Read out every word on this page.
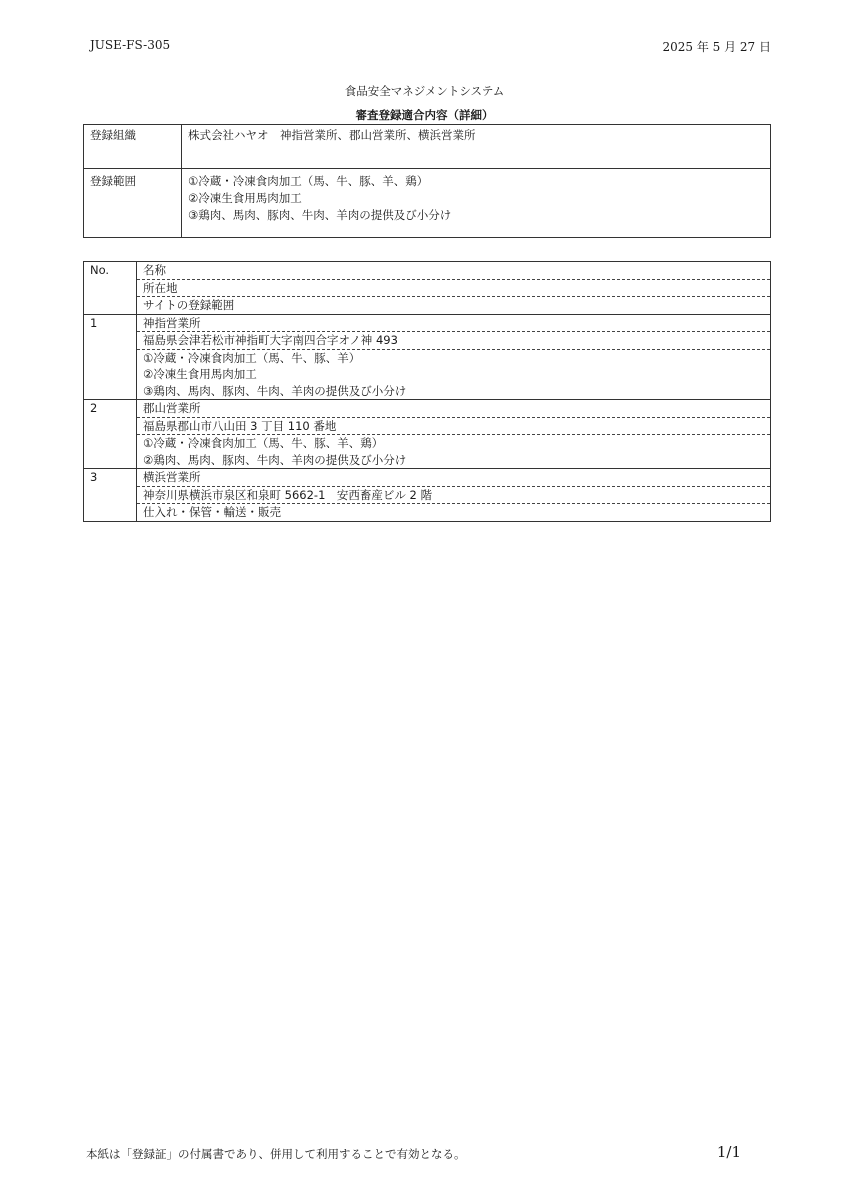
JUSE-FS-305	2025 年 5 月 27 日
食品安全マネジメントシステム
審査登録適合内容（詳細）
登録組織	株式会社ハヤオ　神指営業所、郡山営業所、横浜営業所
登録範囲	①冷蔵・冷凍食肉加工（馬、牛、豚、羊、鶏）
②冷凍生食用馬肉加工
③鶏肉、馬肉、豚肉、牛肉、羊肉の提供及び小分け
No.	名称
	所在地
	サイトの登録範囲
1	神指営業所
	福島県会津若松市神指町大字南四合字オノ神 493
	①冷蔵・冷凍食肉加工（馬、牛、豚、羊）
	②冷凍生食用馬肉加工
	③鶏肉、馬肉、豚肉、牛肉、羊肉の提供及び小分け
2	郡山営業所
	福島県郡山市八山田 3 丁目 110 番地
	①冷蔵・冷凍食肉加工（馬、牛、豚、羊、鶏）
	②鶏肉、馬肉、豚肉、牛肉、羊肉の提供及び小分け
3	横浜営業所
	神奈川県横浜市泉区和泉町 5662-1　安西畜産ビル 2 階
	仕入れ・保管・輸送・販売
本紙は「登録証」の付属書であり、併用して利用することで有効となる。	1/1
